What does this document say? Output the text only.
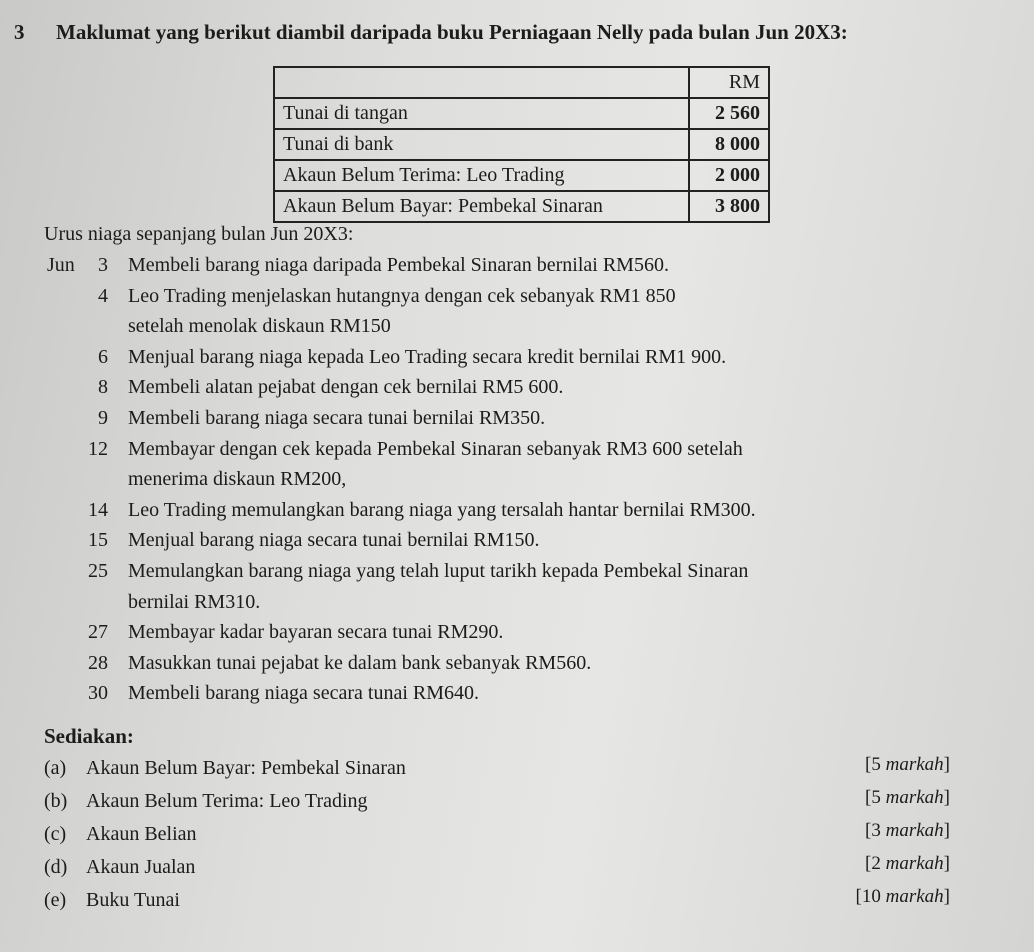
3 Maklumat yang berikut diambil daripada buku Perniagaan Nelly pada bulan Jun 20X3:
	RM
Tunai di tangan	2 560
Tunai di bank	8 000
Akaun Belum Terima: Leo Trading	2 000
Akaun Belum Bayar: Pembekal Sinaran	3 800
Urus niaga sepanjang bulan Jun 20X3:
Jun	3 Membeli barang niaga daripada Pembekal Sinaran bernilai RM560.
4 Leo Trading menjelaskan hutangnya dengan cek sebanyak RM1 850
setelah menolak diskaun RM150
6 Menjual barang niaga kepada Leo Trading secara kredit bernilai RM1 900.
8 Membeli alatan pejabat dengan cek bernilai RM5 600.
9 Membeli barang niaga secara tunai bernilai RM350.
12 Membayar dengan cek kepada Pembekal Sinaran sebanyak RM3 600 setelah
menerima diskaun RM200,
14 Leo Trading memulangkan barang niaga yang tersalah hantar bernilai RM300.
15 Menjual barang niaga secara tunai bernilai RM150.
25 Memulangkan barang niaga yang telah luput tarikh kepada Pembekal Sinaran
bernilai RM310.
27 Membayar kadar bayaran secara tunai RM290.
28 Masukkan tunai pejabat ke dalam bank sebanyak RM560.
30 Membeli barang niaga secara tunai RM640.
Sediakan:
(a) Akaun Belum Bayar: Pembekal Sinaran	[5 markah]
(b) Akaun Belum Terima: Leo Trading	[5 markah]
(c) Akaun Belian	[3 markah]
(d) Akaun Jualan	[2 markah]
(e) Buku Tunai	[10 markah]
